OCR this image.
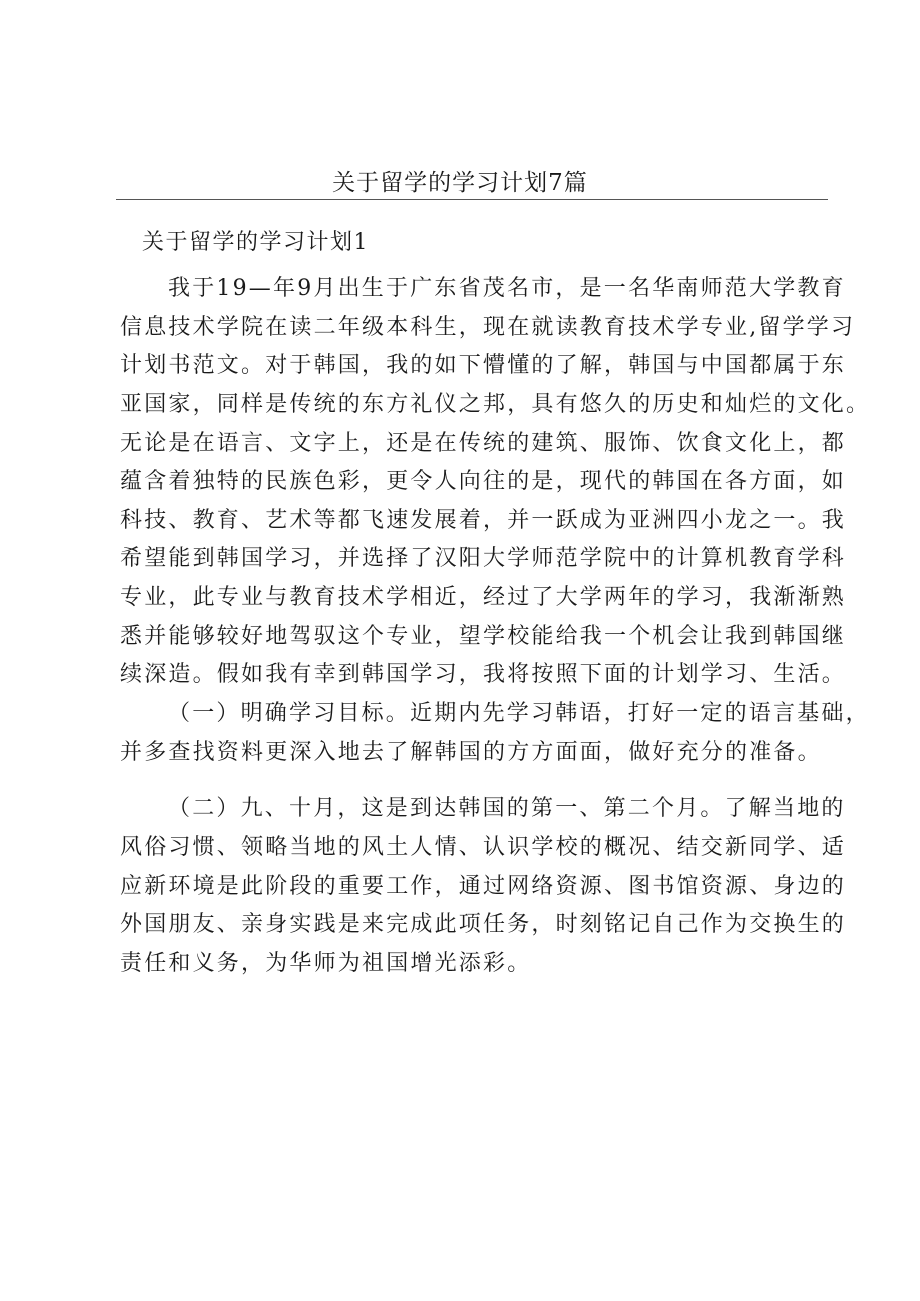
关于留学的学习计划7篇
关于留学的学习计划1
我于19—年9月出生于广东省茂名市，是一名华南师范大学教育
信息技术学院在读二年级本科生，现在就读教育技术学专业,留学学习
计划书范文。对于韩国，我的如下懵懂的了解，韩国与中国都属于东
亚国家，同样是传统的东方礼仪之邦，具有悠久的历史和灿烂的文化。
无论是在语言、文字上，还是在传统的建筑、服饰、饮食文化上，都
蕴含着独特的民族色彩，更令人向往的是，现代的韩国在各方面，如
科技、教育、艺术等都飞速发展着，并一跃成为亚洲四小龙之一。我
希望能到韩国学习，并选择了汉阳大学师范学院中的计算机教育学科
专业，此专业与教育技术学相近，经过了大学两年的学习，我渐渐熟
悉并能够较好地驾驭这个专业，望学校能给我一个机会让我到韩国继
续深造。假如我有幸到韩国学习，我将按照下面的计划学习、生活。
（一）明确学习目标。近期内先学习韩语，打好一定的语言基础，
并多查找资料更深入地去了解韩国的方方面面，做好充分的准备。
（二）九、十月，这是到达韩国的第一、第二个月。了解当地的
风俗习惯、领略当地的风土人情、认识学校的概况、结交新同学、适
应新环境是此阶段的重要工作，通过网络资源、图书馆资源、身边的
外国朋友、亲身实践是来完成此项任务，时刻铭记自己作为交换生的
责任和义务，为华师为祖国增光添彩。
